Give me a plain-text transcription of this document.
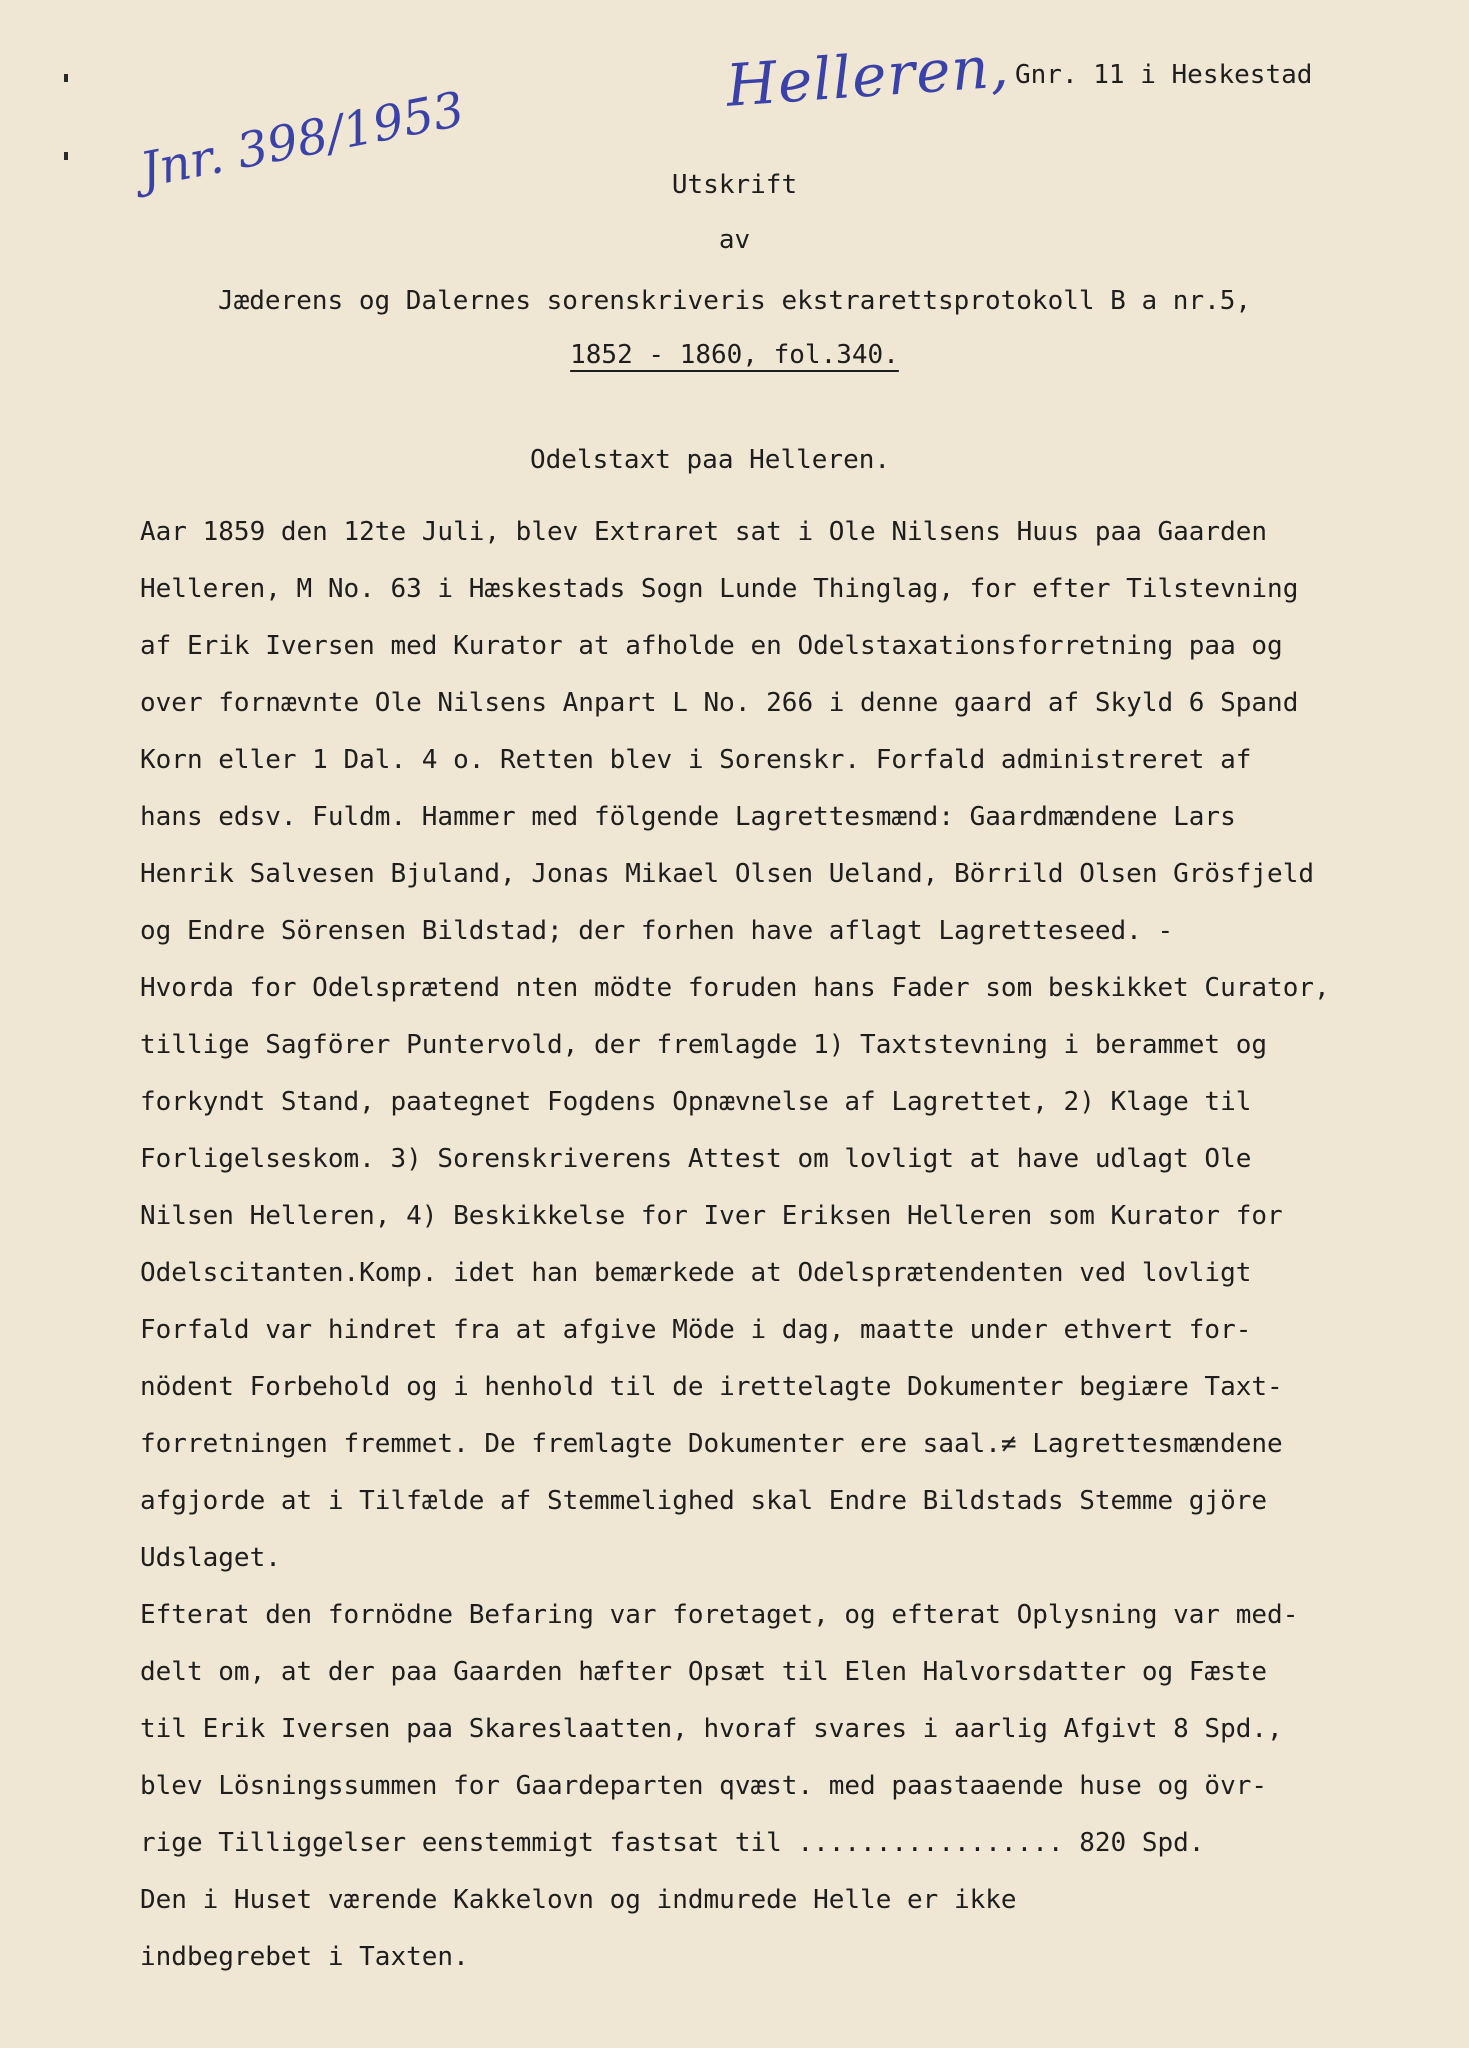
Helleren,
Jnr. 398/1953
Gnr. 11 i Heskestad
Utskrift
av
Jæderens og Dalernes sorenskriveris ekstrarettsprotokoll B a nr.5,
1852 - 1860, fol.340.
Odelstaxt paa Helleren.
Aar 1859 den 12te Juli, blev Extraret sat i Ole Nilsens Huus paa Gaarden
Helleren, M No. 63 i Hæskestads Sogn Lunde Thinglag, for efter Tilstevning
af Erik Iversen med Kurator at afholde en Odelstaxationsforretning paa og
over fornævnte Ole Nilsens Anpart L No. 266 i denne gaard af Skyld 6 Spand
Korn eller 1 Dal. 4 o. Retten blev i Sorenskr. Forfald administreret af
hans edsv. Fuldm. Hammer med fölgende Lagrettesmænd: Gaardmændene Lars
Henrik Salvesen Bjuland, Jonas Mikael Olsen Ueland, Börrild Olsen Grösfjeld
og Endre Sörensen Bildstad; der forhen have aflagt Lagretteseed. -
Hvorda for Odelsprætend nten mödte foruden hans Fader som beskikket Curator,
tillige Sagförer Puntervold, der fremlagde 1) Taxtstevning i berammet og
forkyndt Stand, paategnet Fogdens Opnævnelse af Lagrettet, 2) Klage til
Forligelseskom. 3) Sorenskriverens Attest om lovligt at have udlagt Ole
Nilsen Helleren, 4) Beskikkelse for Iver Eriksen Helleren som Kurator for
Odelscitanten.Komp. idet han bemærkede at Odelsprætendenten ved lovligt
Forfald var hindret fra at afgive Möde i dag, maatte under ethvert for-
nödent Forbehold og i henhold til de irettelagte Dokumenter begiære Taxt-
forretningen fremmet. De fremlagte Dokumenter ere saal.≠ Lagrettesmændene
afgjorde at i Tilfælde af Stemmelighed skal Endre Bildstads Stemme gjöre
Udslaget.
Efterat den fornödne Befaring var foretaget, og efterat Oplysning var med-
delt om, at der paa Gaarden hæfter Opsæt til Elen Halvorsdatter og Fæste
til Erik Iversen paa Skareslaatten, hvoraf svares i aarlig Afgivt 8 Spd.,
blev Lösningssummen for Gaardeparten qvæst. med paastaaende huse og övr-
rige Tilliggelser eenstemmigt fastsat til ................. 820 Spd.
Den i Huset værende Kakkelovn og indmurede Helle er ikke
indbegrebet i Taxten.
